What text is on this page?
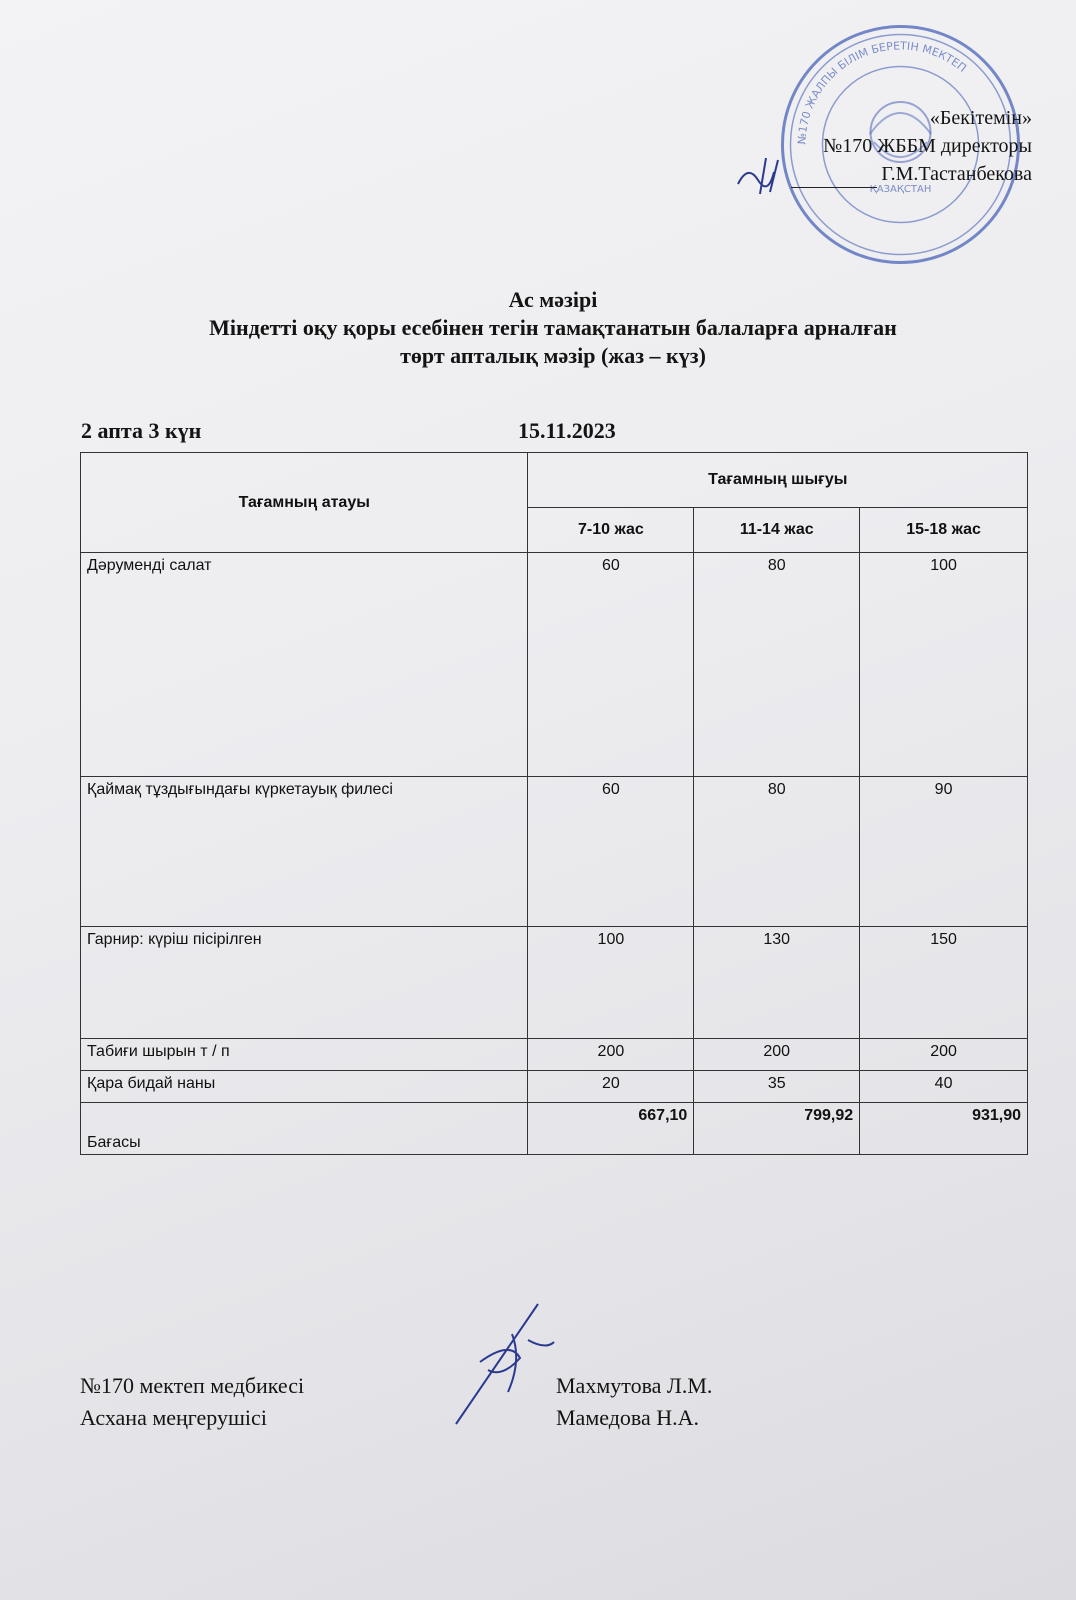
№170 ЖАЛПЫ БІЛІМ БЕРЕТІН МЕКТЕП
ҚАЗАҚСТАН
«Бекітемін»
№170 ЖББМ директоры
Г.М.Тастанбекова
Ас мәзірі
Міндетті оқу қоры есебінен тегін тамақтанатын балаларға арналған
төрт апталық мәзір (жаз – күз)
2 апта 3 күн	15.11.2023
Тағамның атауы	Тағамның шығуы		
	7-10 жас	11-14 жас	15-18 жас
Дәруменді салат	60	80	100
Қаймақ тұздығындағы күркетауық филесі	60	80	90
Гарнир: күріш пісірілген	100	130	150
Табиғи шырын т / п	200	200	200
Қара бидай наны	20	35	40
Бағасы	667,10	799,92	931,90
№170 мектеп медбикесі
Асхана меңгерушісі
Махмутова Л.М.
Мамедова Н.А.
